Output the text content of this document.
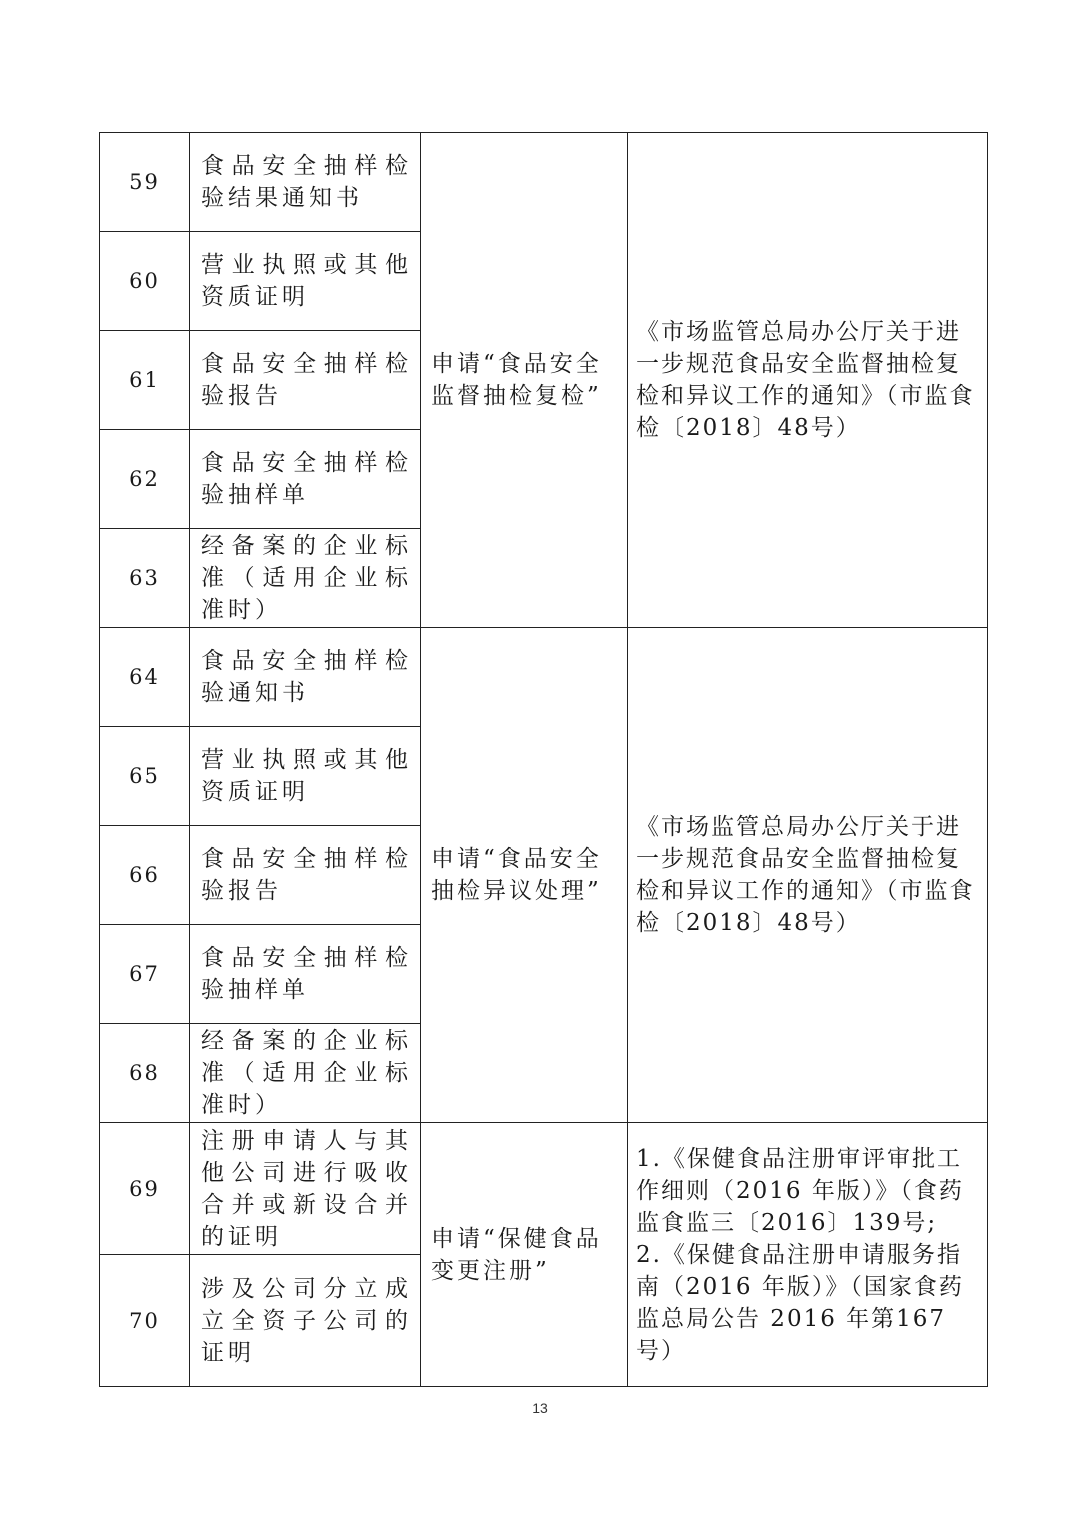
59	食品安全抽样检验结果通知书	申请“食品安全监督抽检复检”	《市场监管总局办公厅关于进一步规范食品安全监督抽检复检和异议工作的通知》（市监食检〔2018〕48号）

60	营业执照或其他资质证明		
61	食品安全抽样检验报告		
62	食品安全抽样检验抽样单		
63	经备案的企业标准（适用企业标准时）		
64	食品安全抽样检验通知书	申请“食品安全抽检异议处理”	《市场监管总局办公厅关于进一步规范食品安全监督抽检复检和异议工作的通知》（市监食检〔2018〕48号）

65	营业执照或其他资质证明		
66	食品安全抽样检验报告		
67	食品安全抽样检验抽样单		
68	经备案的企业标准（适用企业标准时）		
69	注册申请人与其他公司进行吸收合并或新设合并的证明	申请“保健食品变更注册”	1.《保健食品注册审评审批工作细则（2016 年版）》（食药监食监三〔2016〕139号;
2.《保健食品注册申请服务指南（2016 年版）》（国家食药监总局公告 2016 年第167号）

70	涉及公司分立成立全资子公司的证明		
13
